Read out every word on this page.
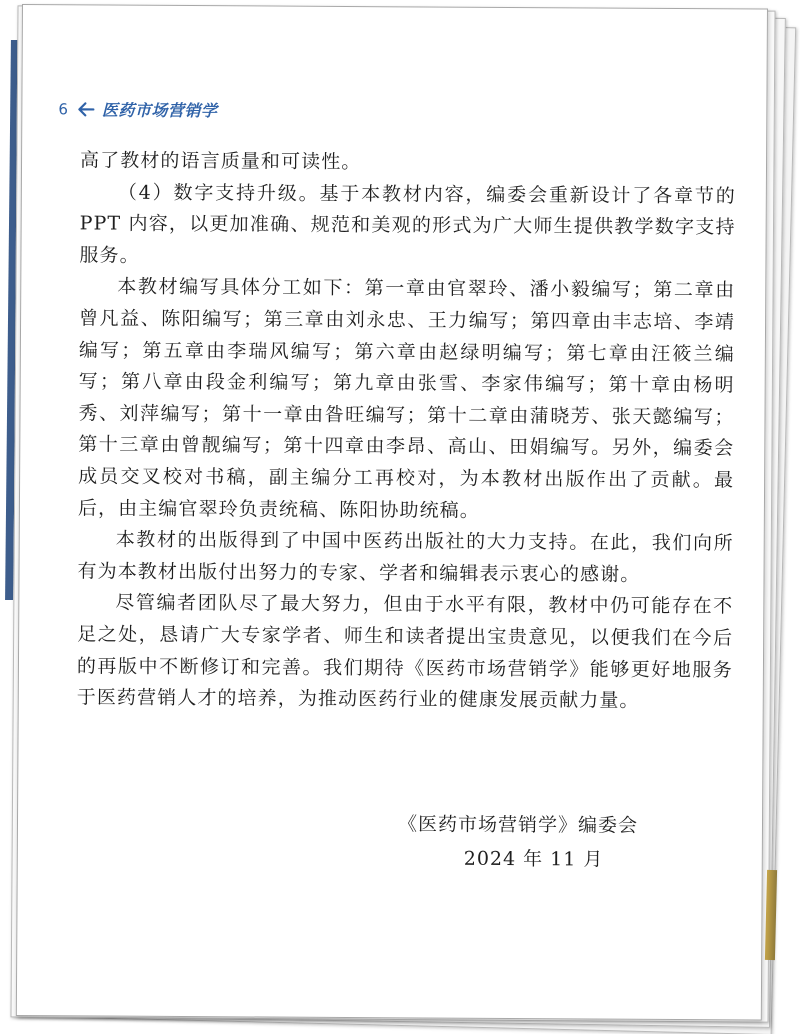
6 医药市场营销学

高了教材的语言质量和可读性。

（4）数字支持升级。基于本教材内容，编委会重新设计了各章节的 PPT 内容，以更加准确、规范和美观的形式为广大师生提供教学数字支持服务。

本教材编写具体分工如下：第一章由官翠玲、潘小毅编写；第二章由曾凡益、陈阳编写；第三章由刘永忠、王力编写；第四章由丰志培、李靖编写；第五章由李瑞风编写；第六章由赵绿明编写；第七章由汪筱兰编写；第八章由段金利编写；第九章由张雪、李家伟编写；第十章由杨明秀、刘萍编写；第十一章由昝旺编写；第十二章由蒲晓芳、张天懿编写；第十三章由曾靓编写；第十四章由李昂、高山、田娟编写。另外，编委会成员交叉校对书稿，副主编分工再校对，为本教材出版作出了贡献。最后，由主编官翠玲负责统稿、陈阳协助统稿。

本教材的出版得到了中国中医药出版社的大力支持。在此，我们向所有为本教材出版付出努力的专家、学者和编辑表示衷心的感谢。

尽管编者团队尽了最大努力，但由于水平有限，教材中仍可能存在不足之处，恳请广大专家学者、师生和读者提出宝贵意见，以便我们在今后的再版中不断修订和完善。我们期待《医药市场营销学》能够更好地服务于医药营销人才的培养，为推动医药行业的健康发展贡献力量。

《医药市场营销学》编委会
2024 年 11 月
